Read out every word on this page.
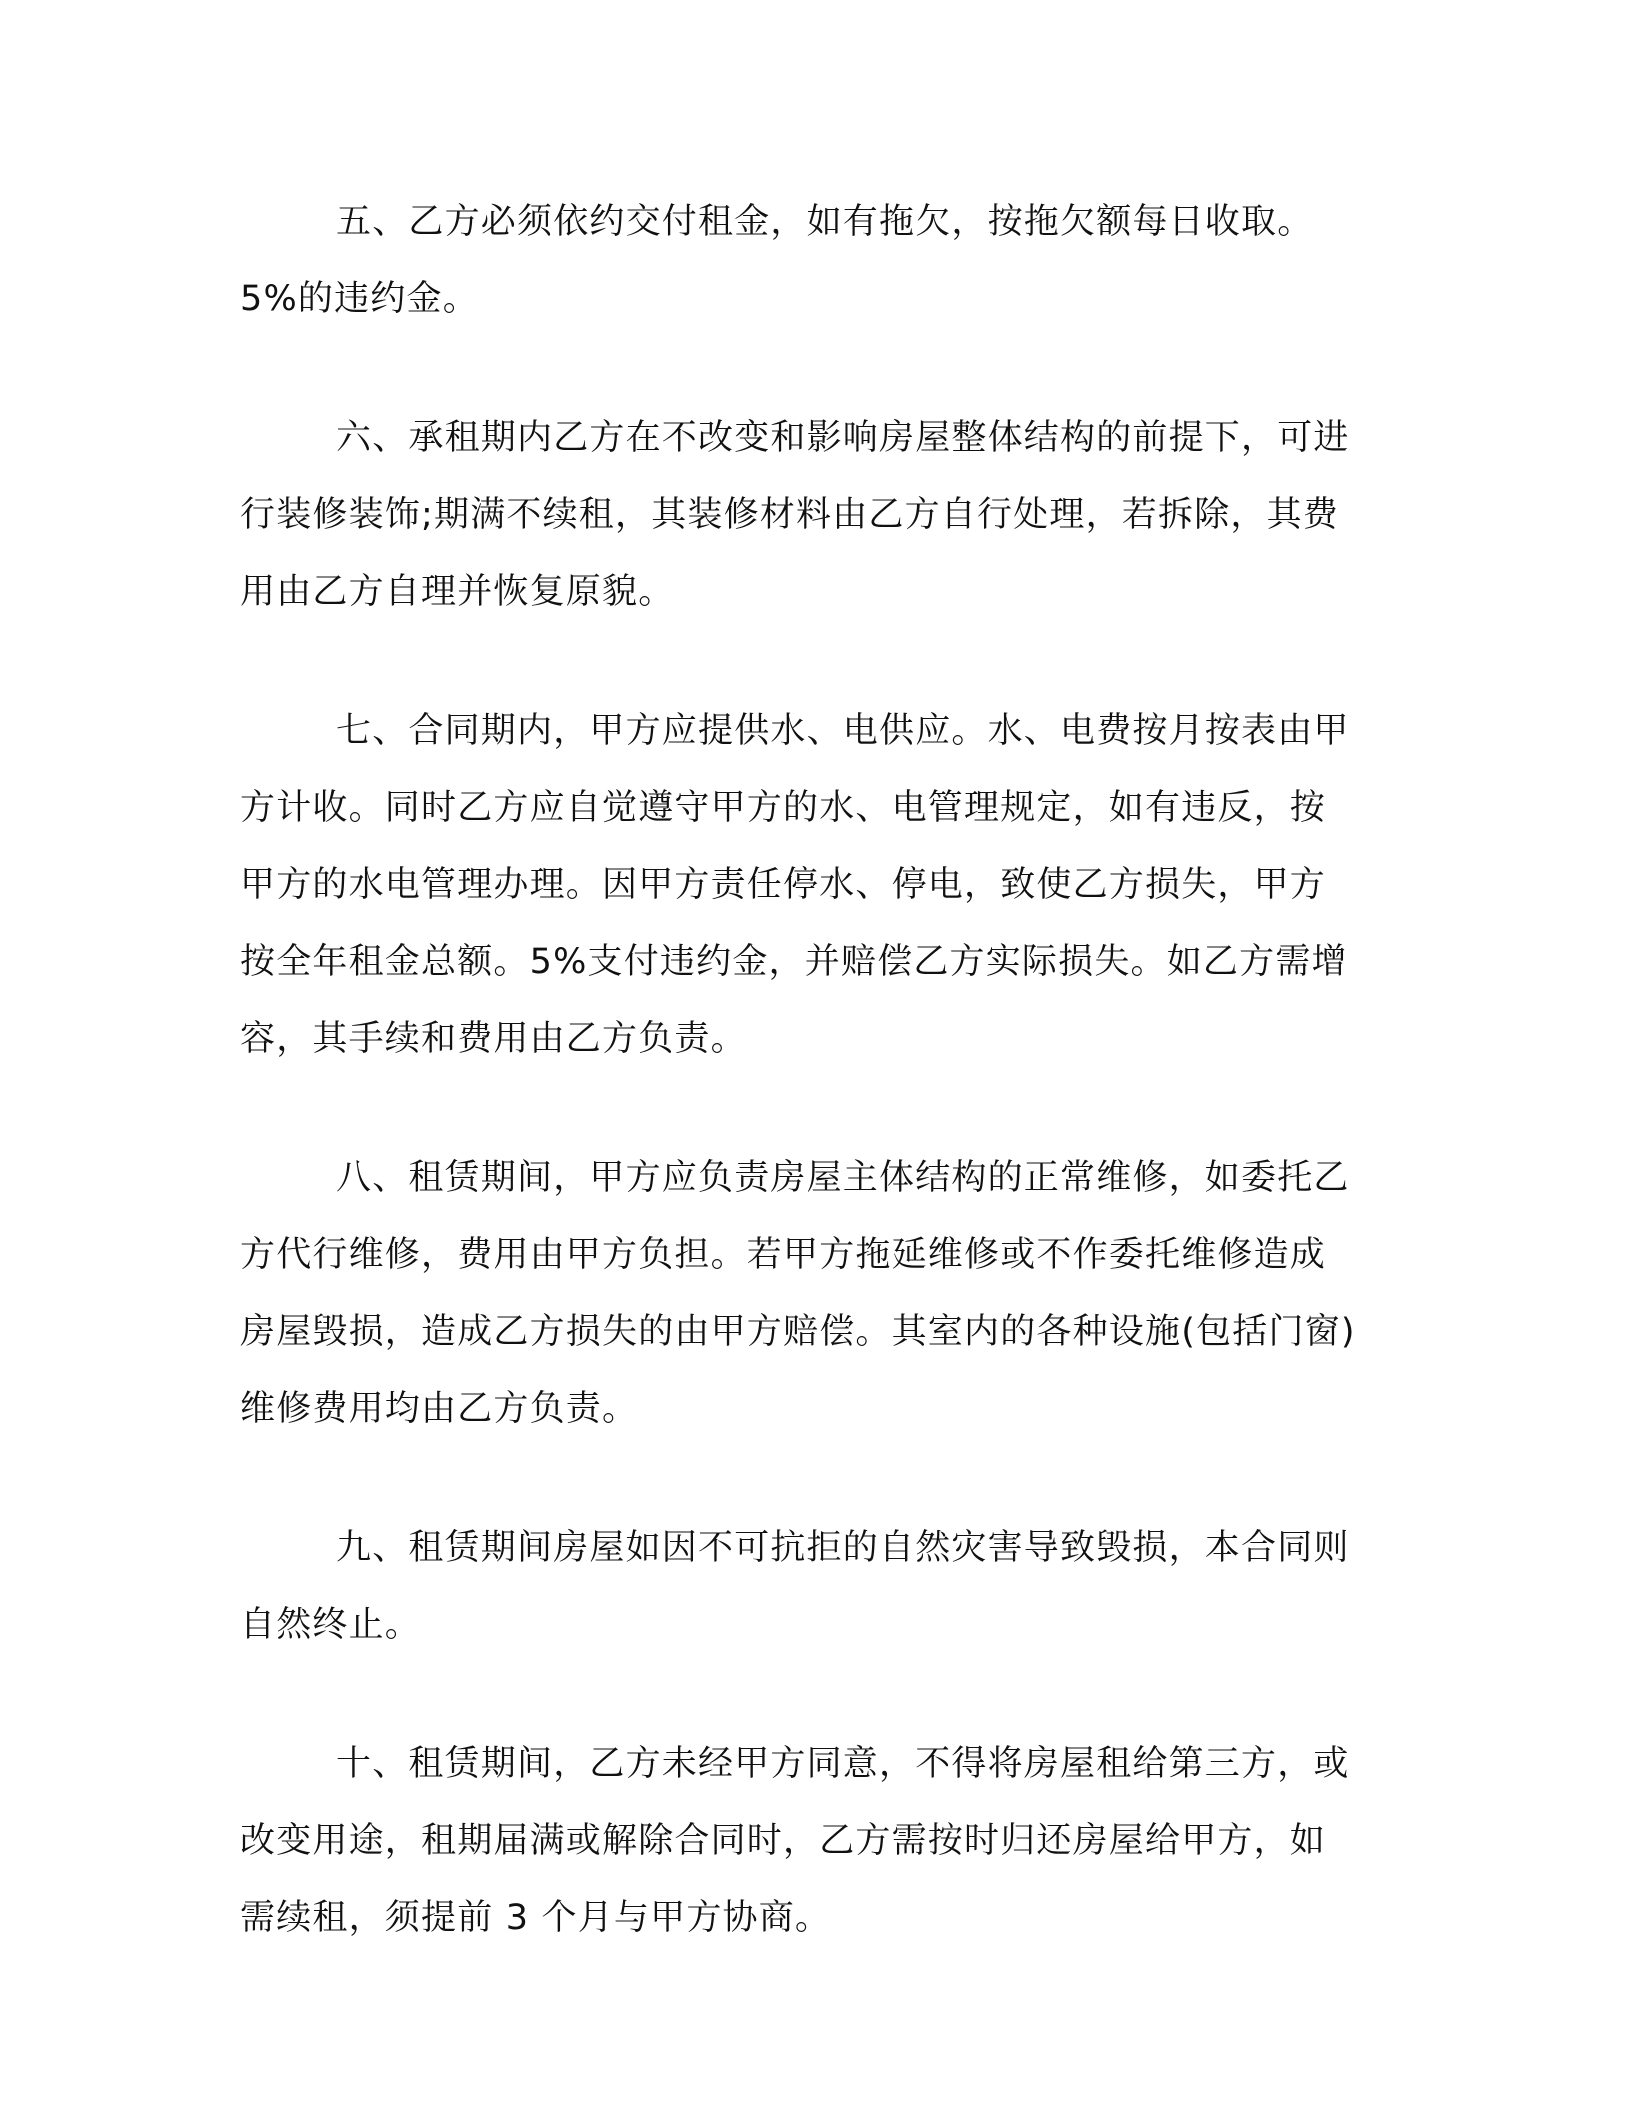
五、乙方必须依约交付租金，如有拖欠，按拖欠额每日收取。
5%的违约金。

六、承租期内乙方在不改变和影响房屋整体结构的前提下，可进
行装修装饰;期满不续租，其装修材料由乙方自行处理，若拆除，其费
用由乙方自理并恢复原貌。

七、合同期内，甲方应提供水、电供应。水、电费按月按表由甲
方计收。同时乙方应自觉遵守甲方的水、电管理规定，如有违反，按
甲方的水电管理办理。因甲方责任停水、停电，致使乙方损失，甲方
按全年租金总额。5%支付违约金，并赔偿乙方实际损失。如乙方需增
容，其手续和费用由乙方负责。

八、租赁期间，甲方应负责房屋主体结构的正常维修，如委托乙
方代行维修，费用由甲方负担。若甲方拖延维修或不作委托维修造成
房屋毁损，造成乙方损失的由甲方赔偿。其室内的各种设施(包括门窗)
维修费用均由乙方负责。

九、租赁期间房屋如因不可抗拒的自然灾害导致毁损，本合同则
自然终止。

十、租赁期间，乙方未经甲方同意，不得将房屋租给第三方，或
改变用途，租期届满或解除合同时，乙方需按时归还房屋给甲方，如
需续租，须提前 3 个月与甲方协商。
